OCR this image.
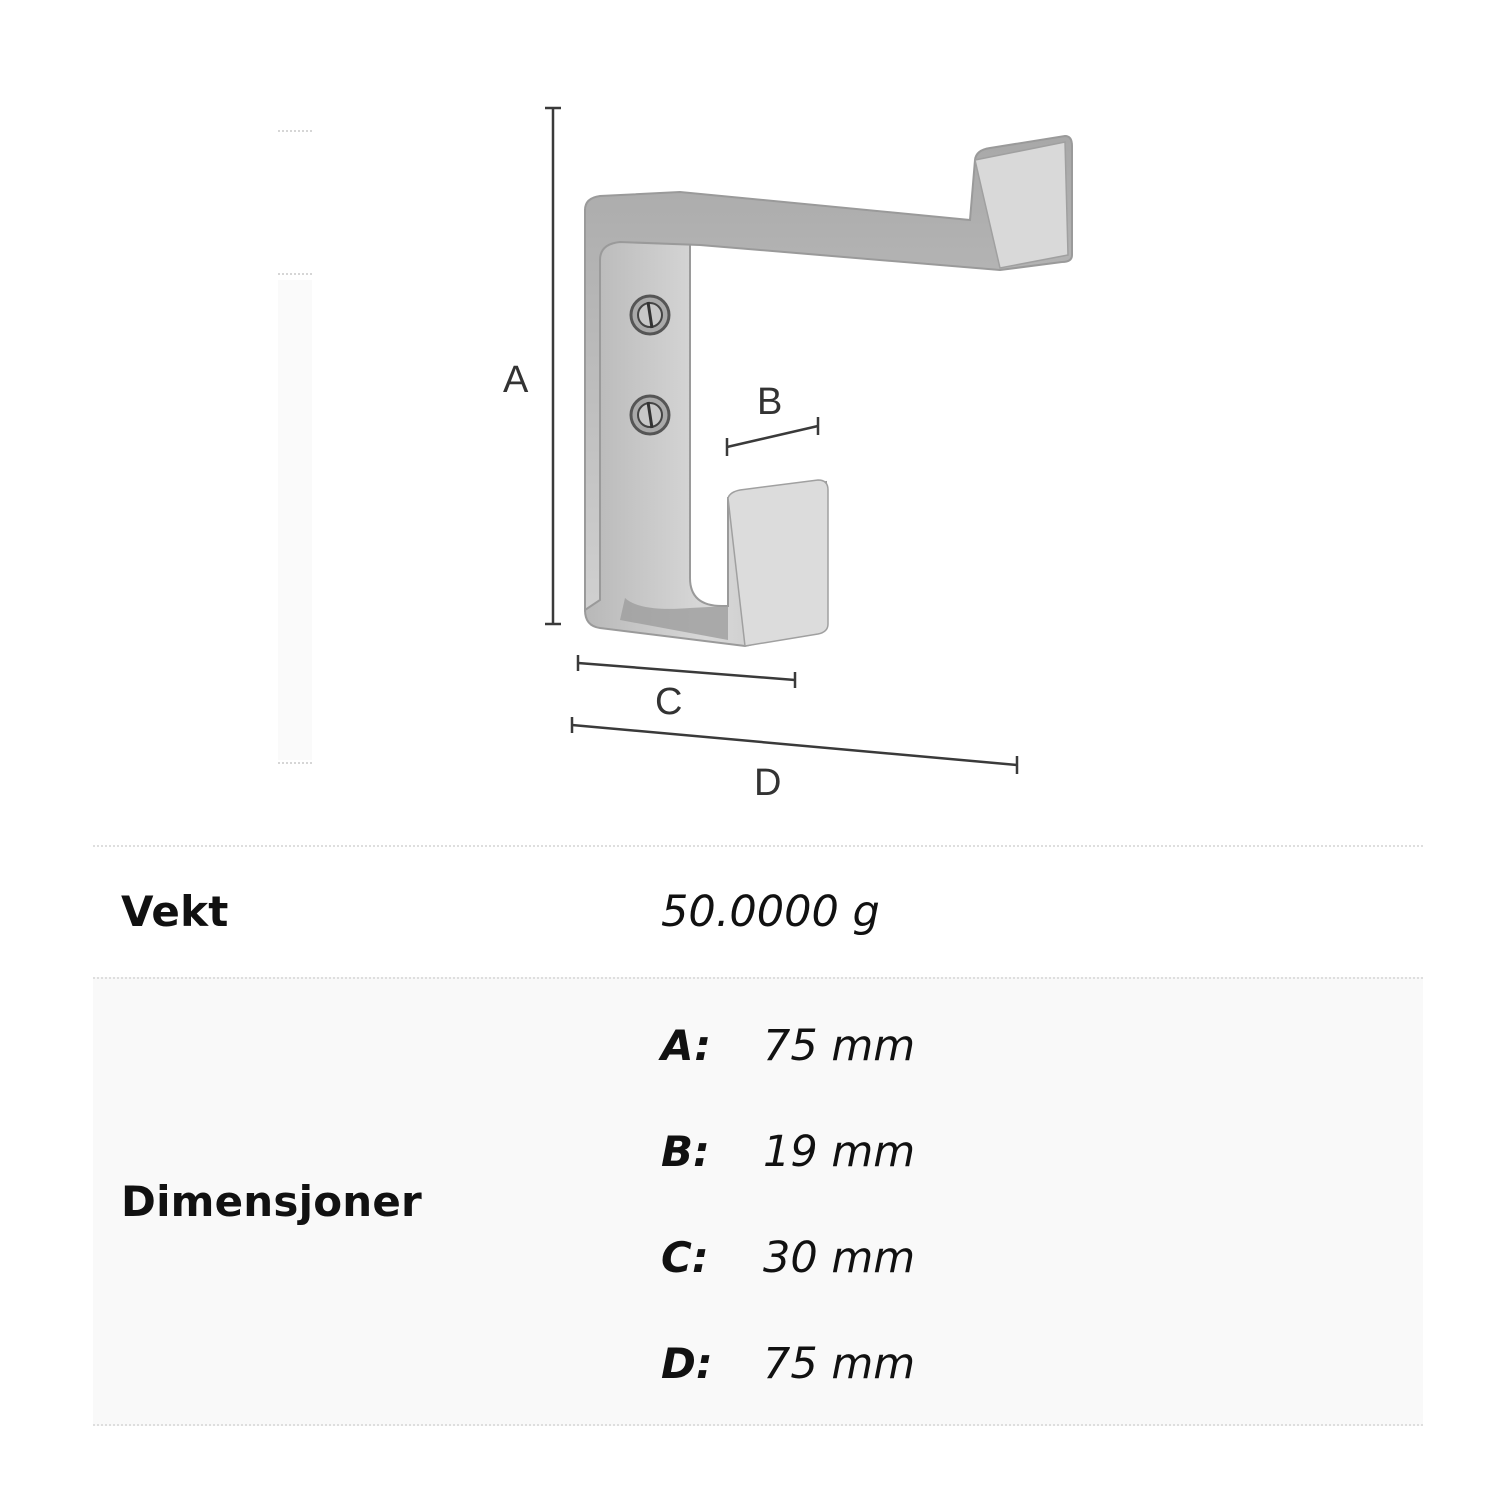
A
B
C
D
Vekt	50.0000 g
Dimensjoner
A: 75 mm
B: 19 mm
C: 30 mm
D: 75 mm
